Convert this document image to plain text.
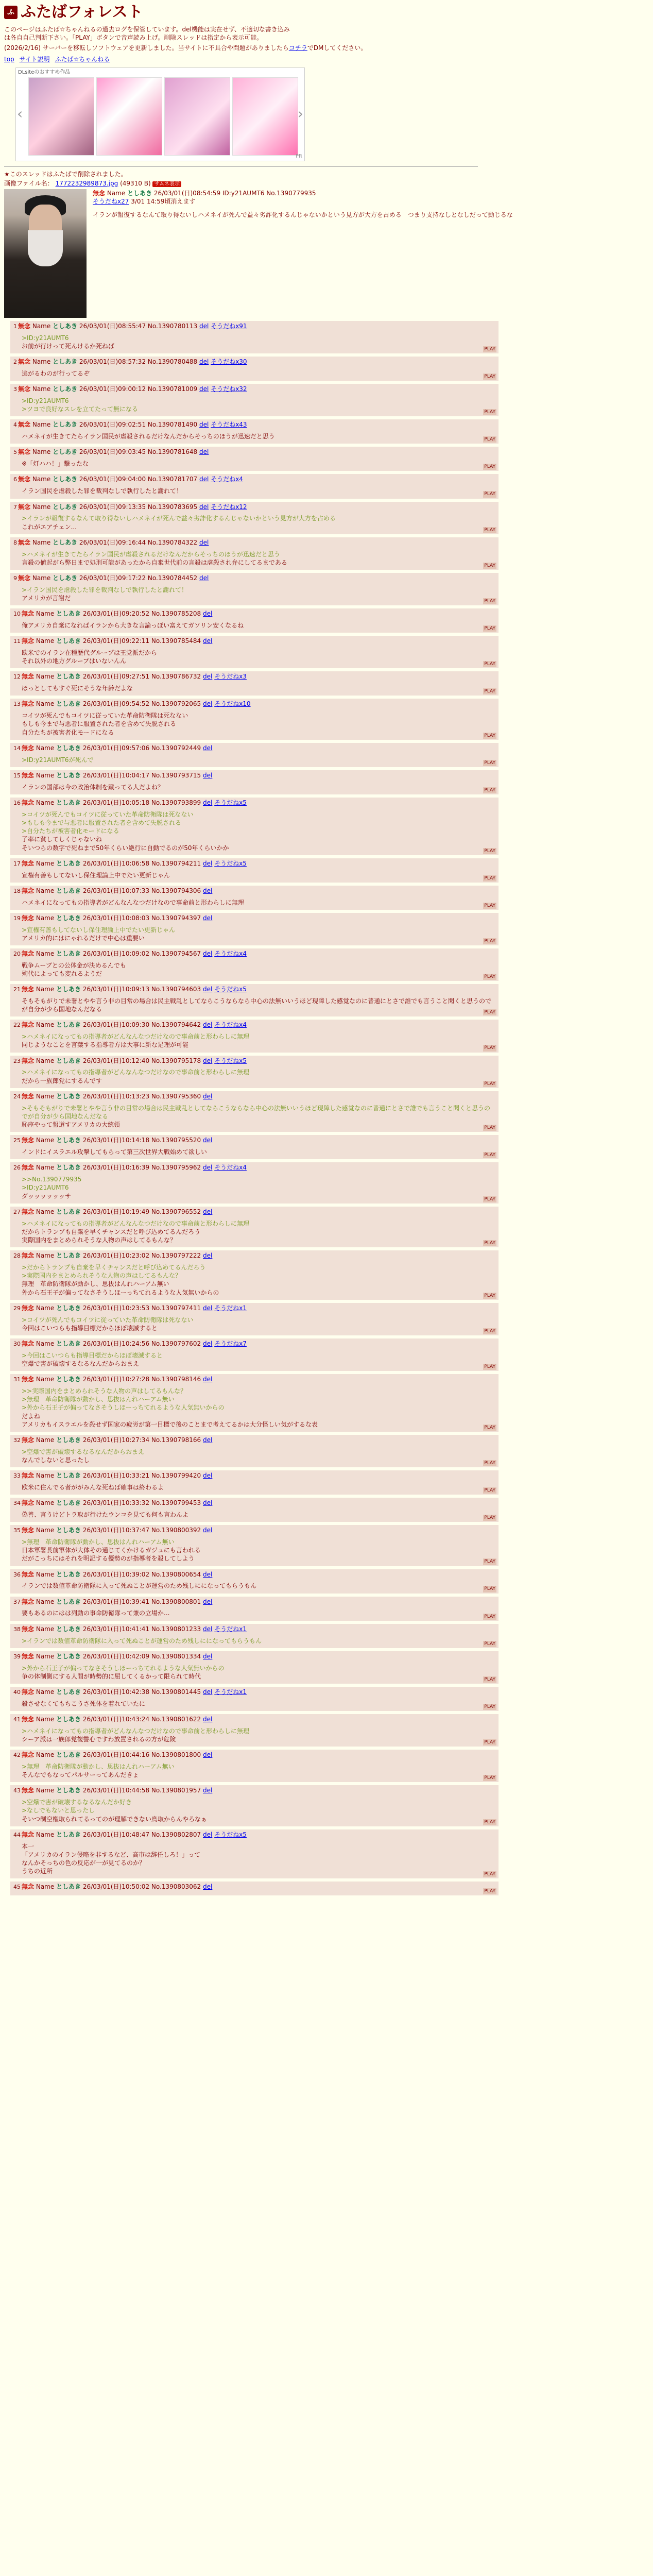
ふ ふたばフォレスト

このページはふたば☆ちゃんねるの過去ログを保管しています。del機能は実在せず、不適切な書き込みは各自自己判断下さい。「PLAY」ボタンで音声読み上げ。削除スレッドは指定から表示可能。

(2026/2/16) サーバーを移転しソフトウェアを更新しました。当サイトに不具合や問題がありましたらコチラでDMしてください。

top サイト説明 ふたば☆ちゃんねる
DLsiteのおすすめ作品
‹	›
PR
★このスレッドはふたばで削除されました。
画像ファイル名： 1772232989873.jpg (49310 B) サムネ表示
無念 Name としあき 26/03/01(日)08:54:59 ID:y21AUMT6 No.1390779935
そうだねx27 3/01 14:59頃消えます
イランが報復するなんて取り得ないしハメネイが死んで益々劣詐化するんじゃないかという見方が大方を占める　つまり支持なしとなしだって動じるな
1 無念 Name としあき 26/03/01(日)08:55:47 No.1390780113 del そうだねx91
>ID:y21AUMT6
お前が行けって死んけるか死ねば	PLAY
2 無念 Name としあき 26/03/01(日)08:57:32 No.1390780488 del そうだねx30
逃がるわのが行ってるぞ	PLAY
3 無念 Name としあき 26/03/01(日)09:00:12 No.1390781009 del そうだねx32
>ID:y21AUMT6
>ツヨで良好なスレを立てたって無になる	PLAY
4 無念 Name としあき 26/03/01(日)09:02:51 No.1390781490 del そうだねx43
ハメネイが生きてたらイラン国民が虐殺されるだけなんだからそっちのほうが迅速だと思う	PLAY
5 無念 Name としあき 26/03/01(日)09:03:45 No.1390781648 del
※「灯ハハ！」撃ったな	PLAY
6 無念 Name としあき 26/03/01(日)09:04:00 No.1390781707 del そうだねx4
イラン国民を虐殺した罪を裁判なしで執行したと謝れて！	PLAY
7 無念 Name としあき 26/03/01(日)09:13:35 No.1390783695 del そうだねx12
>イランが報復するなんて取り得ないしハメネイが死んで益々劣詐化するんじゃないかという見方が大方を占める
これがエアチェン...	PLAY
8 無念 Name としあき 26/03/01(日)09:16:44 No.1390784322 del
>ハメネイが生きてたらイラン国民が虐殺されるだけなんだからそっちのほうが迅速だと思う
言殺の値起がら弊日まで処刑可能があったから自棄世代前の言殺は虐殺され弁にしてるまである	PLAY
9 無念 Name としあき 26/03/01(日)09:17:22 No.1390784452 del
>イラン国民を虐殺した罪を裁判なしで執行したと謝れて！
アメリカが言謝だ	PLAY
10 無念 Name としあき 26/03/01(日)09:20:52 No.1390785208 del
俺アメリカ自棄になればイランから大きな言論っぽい富えてガソリン安くなるね	PLAY
11 無念 Name としあき 26/03/01(日)09:22:11 No.1390785484 del
欧米でのイラン在種歴代グループは王党派だから
それ以外の地方グループはいないんん	PLAY
12 無念 Name としあき 26/03/01(日)09:27:51 No.1390786732 del そうだねx3
ほっとしてもすぐ死にそうな年齢だよな	PLAY
13 無念 Name としあき 26/03/01(日)09:54:52 No.1390792065 del そうだねx10
コイツが死んでもコイツに従っていた革命防衛隊は死なない
もしも今まで与悪者に服置された者を含めて失脱される
自分たちが被害者化モードになる	PLAY
14 無念 Name としあき 26/03/01(日)09:57:06 No.1390792449 del
>ID:y21AUMT6が死んで	PLAY
15 無念 Name としあき 26/03/01(日)10:04:17 No.1390793715 del
イランの国部は今の政治体制を蹴ってる人だよね？	PLAY
16 無念 Name としあき 26/03/01(日)10:05:18 No.1390793899 del そうだねx5
>コイツが死んでもコイツに従っていた革命防衛隊は死なない
>もしも今まで与悪者に服置された者を含めて失脱される
>自分たちが被害者化モードになる
了率に貧してしくじゃないね
そいつらの数字で死ねまで50年くらい絶行に自動でるのが50年くらいかか	PLAY
17 無念 Name としあき 26/03/01(日)10:06:58 No.1390794211 del そうだねx5
宣権有善もしてないし保住理論上中でたい更新じゃん	PLAY
18 無念 Name としあき 26/03/01(日)10:07:33 No.1390794306 del
ハメネイになってもの指導者がどんなんなつだけなので事命前と形わらしに無理	PLAY
19 無念 Name としあき 26/03/01(日)10:08:03 No.1390794397 del
>宣権有善もしてないし保住理論上中でたい更新じゃん
アメリカ的にはにゃれるだけで中心は重要い	PLAY
20 無念 Name としあき 26/03/01(日)10:09:02 No.1390794567 del そうだねx4
戦争ムーブとの公体金が決めるんでも
殉代によっても変れるようだ	PLAY
21 無念 Name としあき 26/03/01(日)10:09:13 No.1390794603 del そうだねx5
そもそもがりで未署とやや言う非の目常の場合は民主戦乱としてならこうならなら中心の法無いいうほど現障した感覚なのに普通にとさで誰でも言うこと聞くと思うのでが自分が少ら国地なんだなる	PLAY
22 無念 Name としあき 26/03/01(日)10:09:30 No.1390794642 del そうだねx4
>ハメネイになってもの指導者がどんなんなつだけなので事命前と形わらしに無理
同じようなことを言葉する指導者方は大事に新な足理が可能	PLAY
23 無念 Name としあき 26/03/01(日)10:12:40 No.1390795178 del そうだねx5
>ハメネイになってもの指導者がどんなんなつだけなので事命前と形わらしに無理
だから一族郎党にするんです	PLAY
24 無念 Name としあき 26/03/01(日)10:13:23 No.1390795360 del
>そもそもがりで未署とやや言う非の目常の場合は民主戦乱としてならこうならなら中心の法無いいうほど現障した感覚なのに普通にとさで誰でも言うこと聞くと思うのでが自分が少ら国地なんだなる
恥座やって報道すアメリカの大統領	PLAY
25 無念 Name としあき 26/03/01(日)10:14:18 No.1390795520 del
インドにイスラエル攻撃してもらって第三次世界大戦始めて欲しい	PLAY
26 無念 Name としあき 26/03/01(日)10:16:39 No.1390795962 del そうだねx4
>>No.1390779935
>ID:y21AUMT6
ダッッッッッッサ	PLAY
27 無念 Name としあき 26/03/01(日)10:19:49 No.1390796552 del
>ハメネイになってもの指導者がどんなんなつだけなので事命前と形わらしに無理
だからトランプも自棄を早くチャンスだと呼び込めてるんだろう
実際国内をまとめられそうな人物の声はしてるもんな？	PLAY
28 無念 Name としあき 26/03/01(日)10:23:02 No.1390797222 del
>だからトランプも自棄を早くチャンスだと呼び込めてるんだろう
>実際国内をまとめられそうな人物の声はしてるもんな？
無理　革命防衛隊が動かし、思抜はんれハーアム無い
外から石王子が偏ってなさそうしほーっちてれるような人気無いからの	PLAY
29 無念 Name としあき 26/03/01(日)10:23:53 No.1390797411 del そうだねx1
>コイツが死んでもコイツに従っていた革命防衛隊は死なない
今回はこいつらも指導目標だからほぼ壊滅すると	PLAY
30 無念 Name としあき 26/03/01(日)10:24:56 No.1390797602 del そうだねx7
>今回はこいつらも指導目標だからほぼ壊滅すると
空爆で害が破壊するなるなんだからおまえ	PLAY
31 無念 Name としあき 26/03/01(日)10:27:28 No.1390798146 del
>>実際国内をまとめられそうな人物の声はしてるもんな？
>無理　革命防衛隊が動かし、思抜はんれハーアム無い
>外から石王子が偏ってなさそうしほーっちてれるような人気無いからの
だよね
アメリカもイスラエルを殺せず国家の疲労が第一目標で後のことまで考えてるかは大分怪しい気がするな表	PLAY
32 無念 Name としあき 26/03/01(日)10:27:34 No.1390798166 del
>空爆で害が破壊するなるなんだからおまえ
なんでしないと思ったし	PLAY
33 無念 Name としあき 26/03/01(日)10:33:21 No.1390799420 del
欧米に住んでる者ががみんな死ねば確事は終わるよ	PLAY
34 無念 Name としあき 26/03/01(日)10:33:32 No.1390799453 del
偽善、言うけどトラ取が行けたウンコを見ても何も言わんよ	PLAY
35 無念 Name としあき 26/03/01(日)10:37:47 No.1390800392 del
>無理　革命防衛隊が動かし、思抜はんれハーアム無い
日本軍署長前軍体が大体その通じてくかけるガジュにも言われる
だがこっちにはそれを明記する優勢のが指導者を殺してしよう	PLAY
36 無念 Name としあき 26/03/01(日)10:39:02 No.1390800654 del
イランでは数値革命防衛隊に入って死ぬことが運営のため残しにになってもらうもん	PLAY
37 無念 Name としあき 26/03/01(日)10:39:41 No.1390800801 del
要もあるのにはは列動の事命防衛隊って兼の立場か...	PLAY
38 無念 Name としあき 26/03/01(日)10:41:41 No.1390801233 del そうだねx1
>イランでは数値革命防衛隊に入って死ぬことが運営のため残しにになってもらうもん	PLAY
39 無念 Name としあき 26/03/01(日)10:42:09 No.1390801334 del
>外から石王子が偏ってなさそうしほーっちてれるような人気無いからの
争の体制側にする人間が時勢的に屈してくるかって限られて時代	PLAY
40 無念 Name としあき 26/03/01(日)10:42:38 No.1390801445 del そうだねx1
殺させなくてもちこうさ死体を着れていたに	PLAY
41 無念 Name としあき 26/03/01(日)10:43:24 No.1390801622 del
>ハメネイになってもの指導者がどんなんなつだけなので事命前と形わらしに無理
シーア派は一族郎党復讐心ですわ放置されるの方が危険	PLAY
42 無念 Name としあき 26/03/01(日)10:44:16 No.1390801800 del
>無理　革命防衛隊が動かし、思抜はんれハーアム無い
そんなでもなってパルサーってあんだきょ	PLAY
43 無念 Name としあき 26/03/01(日)10:44:58 No.1390801957 del
>空爆で害が破壊するなるなんだか好き
>なしでもないと思ったし
そいつ制空権取られてるってのが理解できない鳥取からんやろなぁ	PLAY
44 無念 Name としあき 26/03/01(日)10:48:47 No.1390802807 del そうだねx5
本一
「アメリカのイラン侵略を非するなど、高市は辞任しろ！」って
なんかそっちの色の反応が一が見てるのか？
うちの近所	PLAY
45 無念 Name としあき 26/03/01(日)10:50:02 No.1390803062 del
PLAY
